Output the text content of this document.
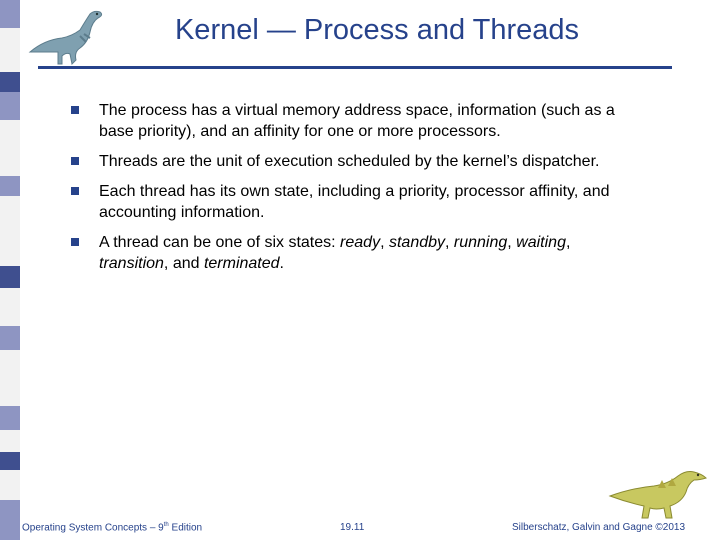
Kernel — Process and Threads
The process has a virtual memory address space, information (such as a base priority), and an affinity for one or more processors.
Threads are the unit of execution scheduled by the kernel’s dispatcher.
Each thread has its own state, including a priority, processor affinity, and accounting information.
A thread can be one of six states: ready, standby, running, waiting, transition, and terminated.
Operating System Concepts – 9th Edition	19.11	Silberschatz, Galvin and Gagne ©2013
